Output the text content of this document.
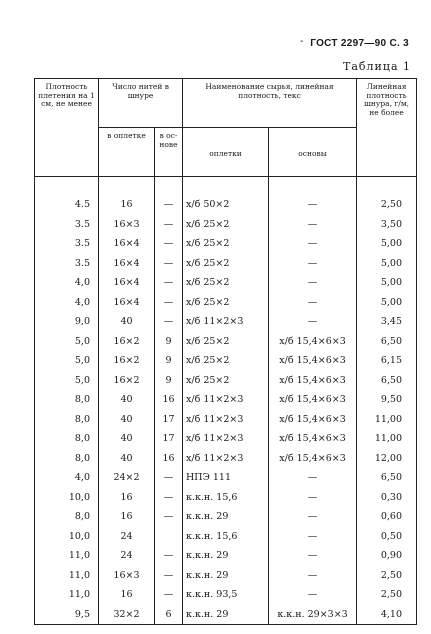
- ГОСТ 2297—90 С. 3
Таблица 1
Плотность плетения на 1 см, не менее	Число нитей в шнуре		Наименование сырья, линейная плотность, текс		Линейная плотность шнура, г/м, не более
	в оплетке	в ос-нове	оплетки	основы	
4.5	16	—	х/б 50×2	—	2,50
3.5	16×3	—	х/б 25×2	—	3,50
3.5	16×4	—	х/б 25×2	—	5,00
3.5	16×4	—	х/б 25×2	—	5,00
4,0	16×4	—	х/б 25×2	—	5,00
4,0	16×4	—	х/б 25×2	—	5,00
9,0	40	—	х/б 11×2×3	—	3,45
5,0	16×2	9	х/б 25×2	х/б 15,4×6×3	6,50
5,0	16×2	9	х/б 25×2	х/б 15,4×6×3	6,15
5,0	16×2	9	х/б 25×2	х/б 15,4×6×3	6,50
8,0	40	16	х/б 11×2×3	х/б 15,4×6×3	9,50
8,0	40	17	х/б 11×2×3	х/б 15,4×6×3	11,00
8,0	40	17	х/б 11×2×3	х/б 15,4×6×3	11,00
8,0	40	16	х/б 11×2×3	х/б 15,4×6×3	12,00
4,0	24×2	—	НПЭ 111	—	6,50
10,0	16	—	к.к.н. 15,6	—	0,30
8,0	16	—	к.к.н. 29	—	0,60
10,0	24		к.к.н. 15,6	—	0,50
11,0	24	—	к.к.н. 29	—	0,90
11,0	16×3	—	к.к.н. 29	—	2,50
11,0	16	—	к.к.н. 93,5	—	2,50
9,5	32×2	6	к.к.н. 29	к.к.н. 29×3×3	4,10
